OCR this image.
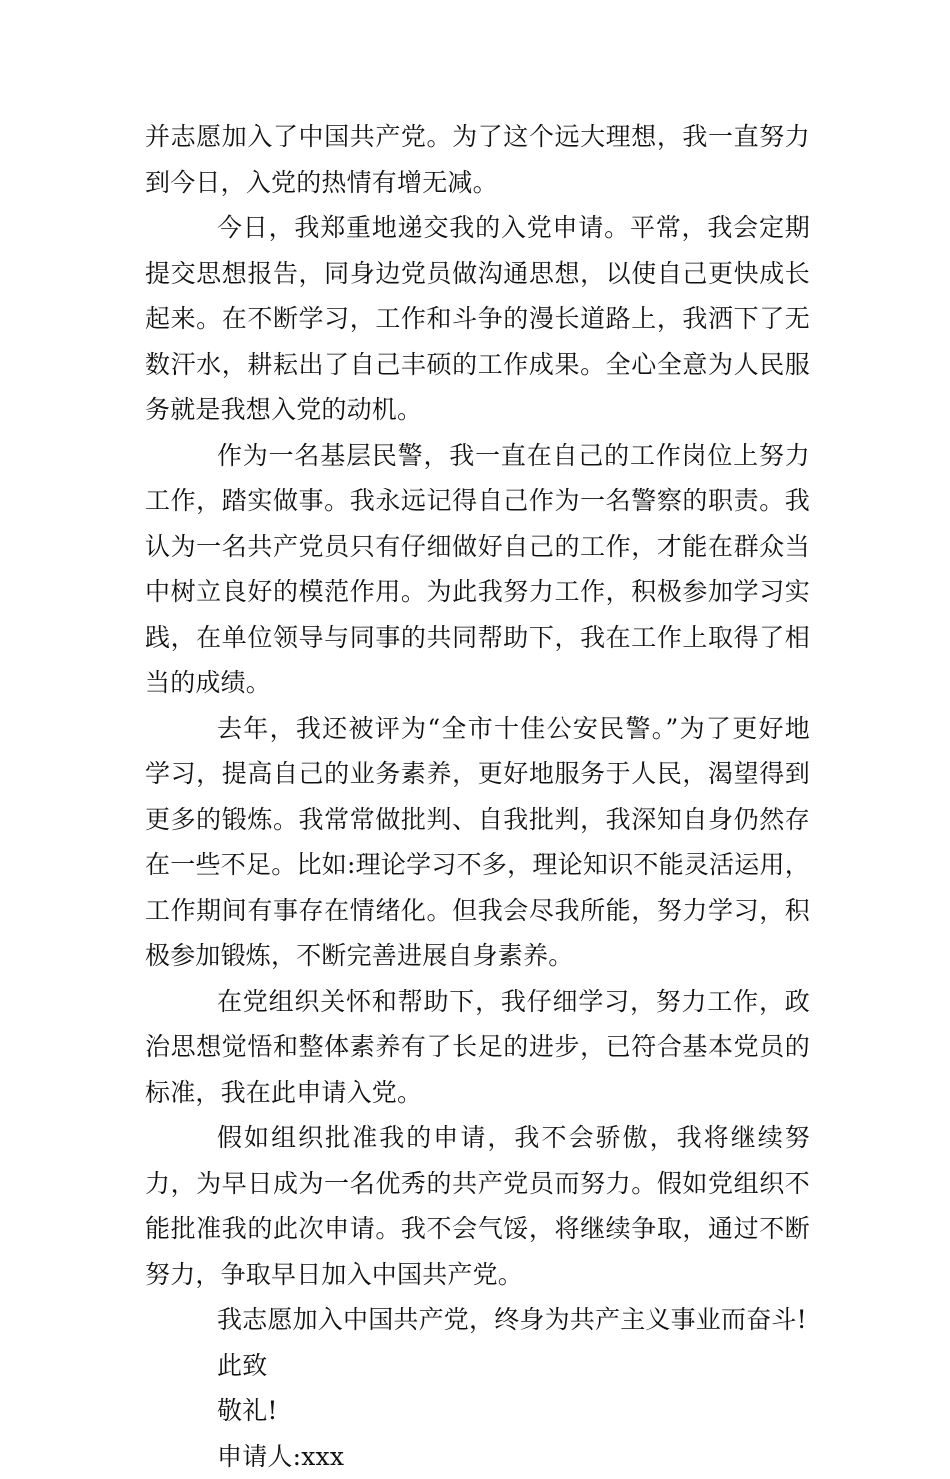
并志愿加入了中国共产党。为了这个远大理想，我一直努力到今日，入党的热情有增无减。

今日，我郑重地递交我的入党申请。平常，我会定期提交思想报告，同身边党员做沟通思想，以使自己更快成长起来。在不断学习，工作和斗争的漫长道路上，我洒下了无数汗水，耕耘出了自己丰硕的工作成果。全心全意为人民服务就是我想入党的动机。

作为一名基层民警，我一直在自己的工作岗位上努力工作，踏实做事。我永远记得自己作为一名警察的职责。我认为一名共产党员只有仔细做好自己的工作，才能在群众当中树立良好的模范作用。为此我努力工作，积极参加学习实践，在单位领导与同事的共同帮助下，我在工作上取得了相当的成绩。

去年，我还被评为“全市十佳公安民警。”为了更好地学习，提高自己的业务素养，更好地服务于人民，渴望得到更多的锻炼。我常常做批判、自我批判，我深知自身仍然存在一些不足。比如:理论学习不多，理论知识不能灵活运用，工作期间有事存在情绪化。但我会尽我所能，努力学习，积极参加锻炼，不断完善进展自身素养。

在党组织关怀和帮助下，我仔细学习，努力工作，政治思想觉悟和整体素养有了长足的进步，已符合基本党员的标准，我在此申请入党。

假如组织批准我的申请，我不会骄傲，我将继续努力，为早日成为一名优秀的共产党员而努力。假如党组织不能批准我的此次申请。我不会气馁，将继续争取，通过不断努力，争取早日加入中国共产党。

我志愿加入中国共产党，终身为共产主义事业而奋斗!

此致

敬礼!

申请人:xxx
